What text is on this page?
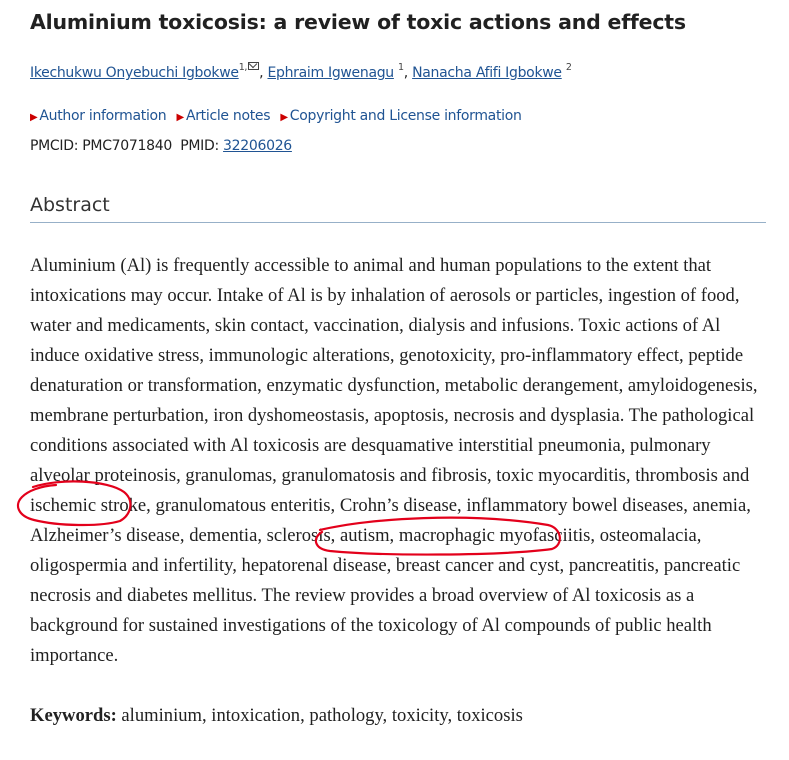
Aluminium toxicosis: a review of toxic actions and effects
Ikechukwu Onyebuchi Igbokwe$^{1,}$ , Ephraim Igwenagu $^1$, Nanacha Afifi Igbokwe $^2$
▶ Author information ▶ Article notes ▶ Copyright and License information
PMCID: PMC7071840 PMID: 32206026
Abstract

Aluminium (Al) is frequently accessible to animal and human populations to the extent that intoxications may occur. Intake of Al is by inhalation of aerosols or particles, ingestion of food, water and medicaments, skin contact, vaccination, dialysis and infusions. Toxic actions of Al induce oxidative stress, immunologic alterations, genotoxicity, pro-inflammatory effect, peptide denaturation or transformation, enzymatic dysfunction, metabolic derangement, amyloidogenesis, membrane perturbation, iron dyshomeostasis, apoptosis, necrosis and dysplasia. The pathological conditions associated with Al toxicosis are desquamative interstitial pneumonia, pulmonary alveolar proteinosis, granulomas, granulomatosis and fibrosis, toxic myocarditis, thrombosis and ischemic stroke, granulomatous enteritis, Crohn’s disease, inflammatory bowel diseases, anemia, Alzheimer’s disease, dementia, sclerosis, autism, macrophagic myofasciitis, osteomalacia, oligospermia and infertility, hepatorenal disease, breast cancer and cyst, pancreatitis, pancreatic necrosis and diabetes mellitus. The review provides a broad overview of Al toxicosis as a background for sustained investigations of the toxicology of Al compounds of public health importance.

Keywords: aluminium, intoxication, pathology, toxicity, toxicosis
